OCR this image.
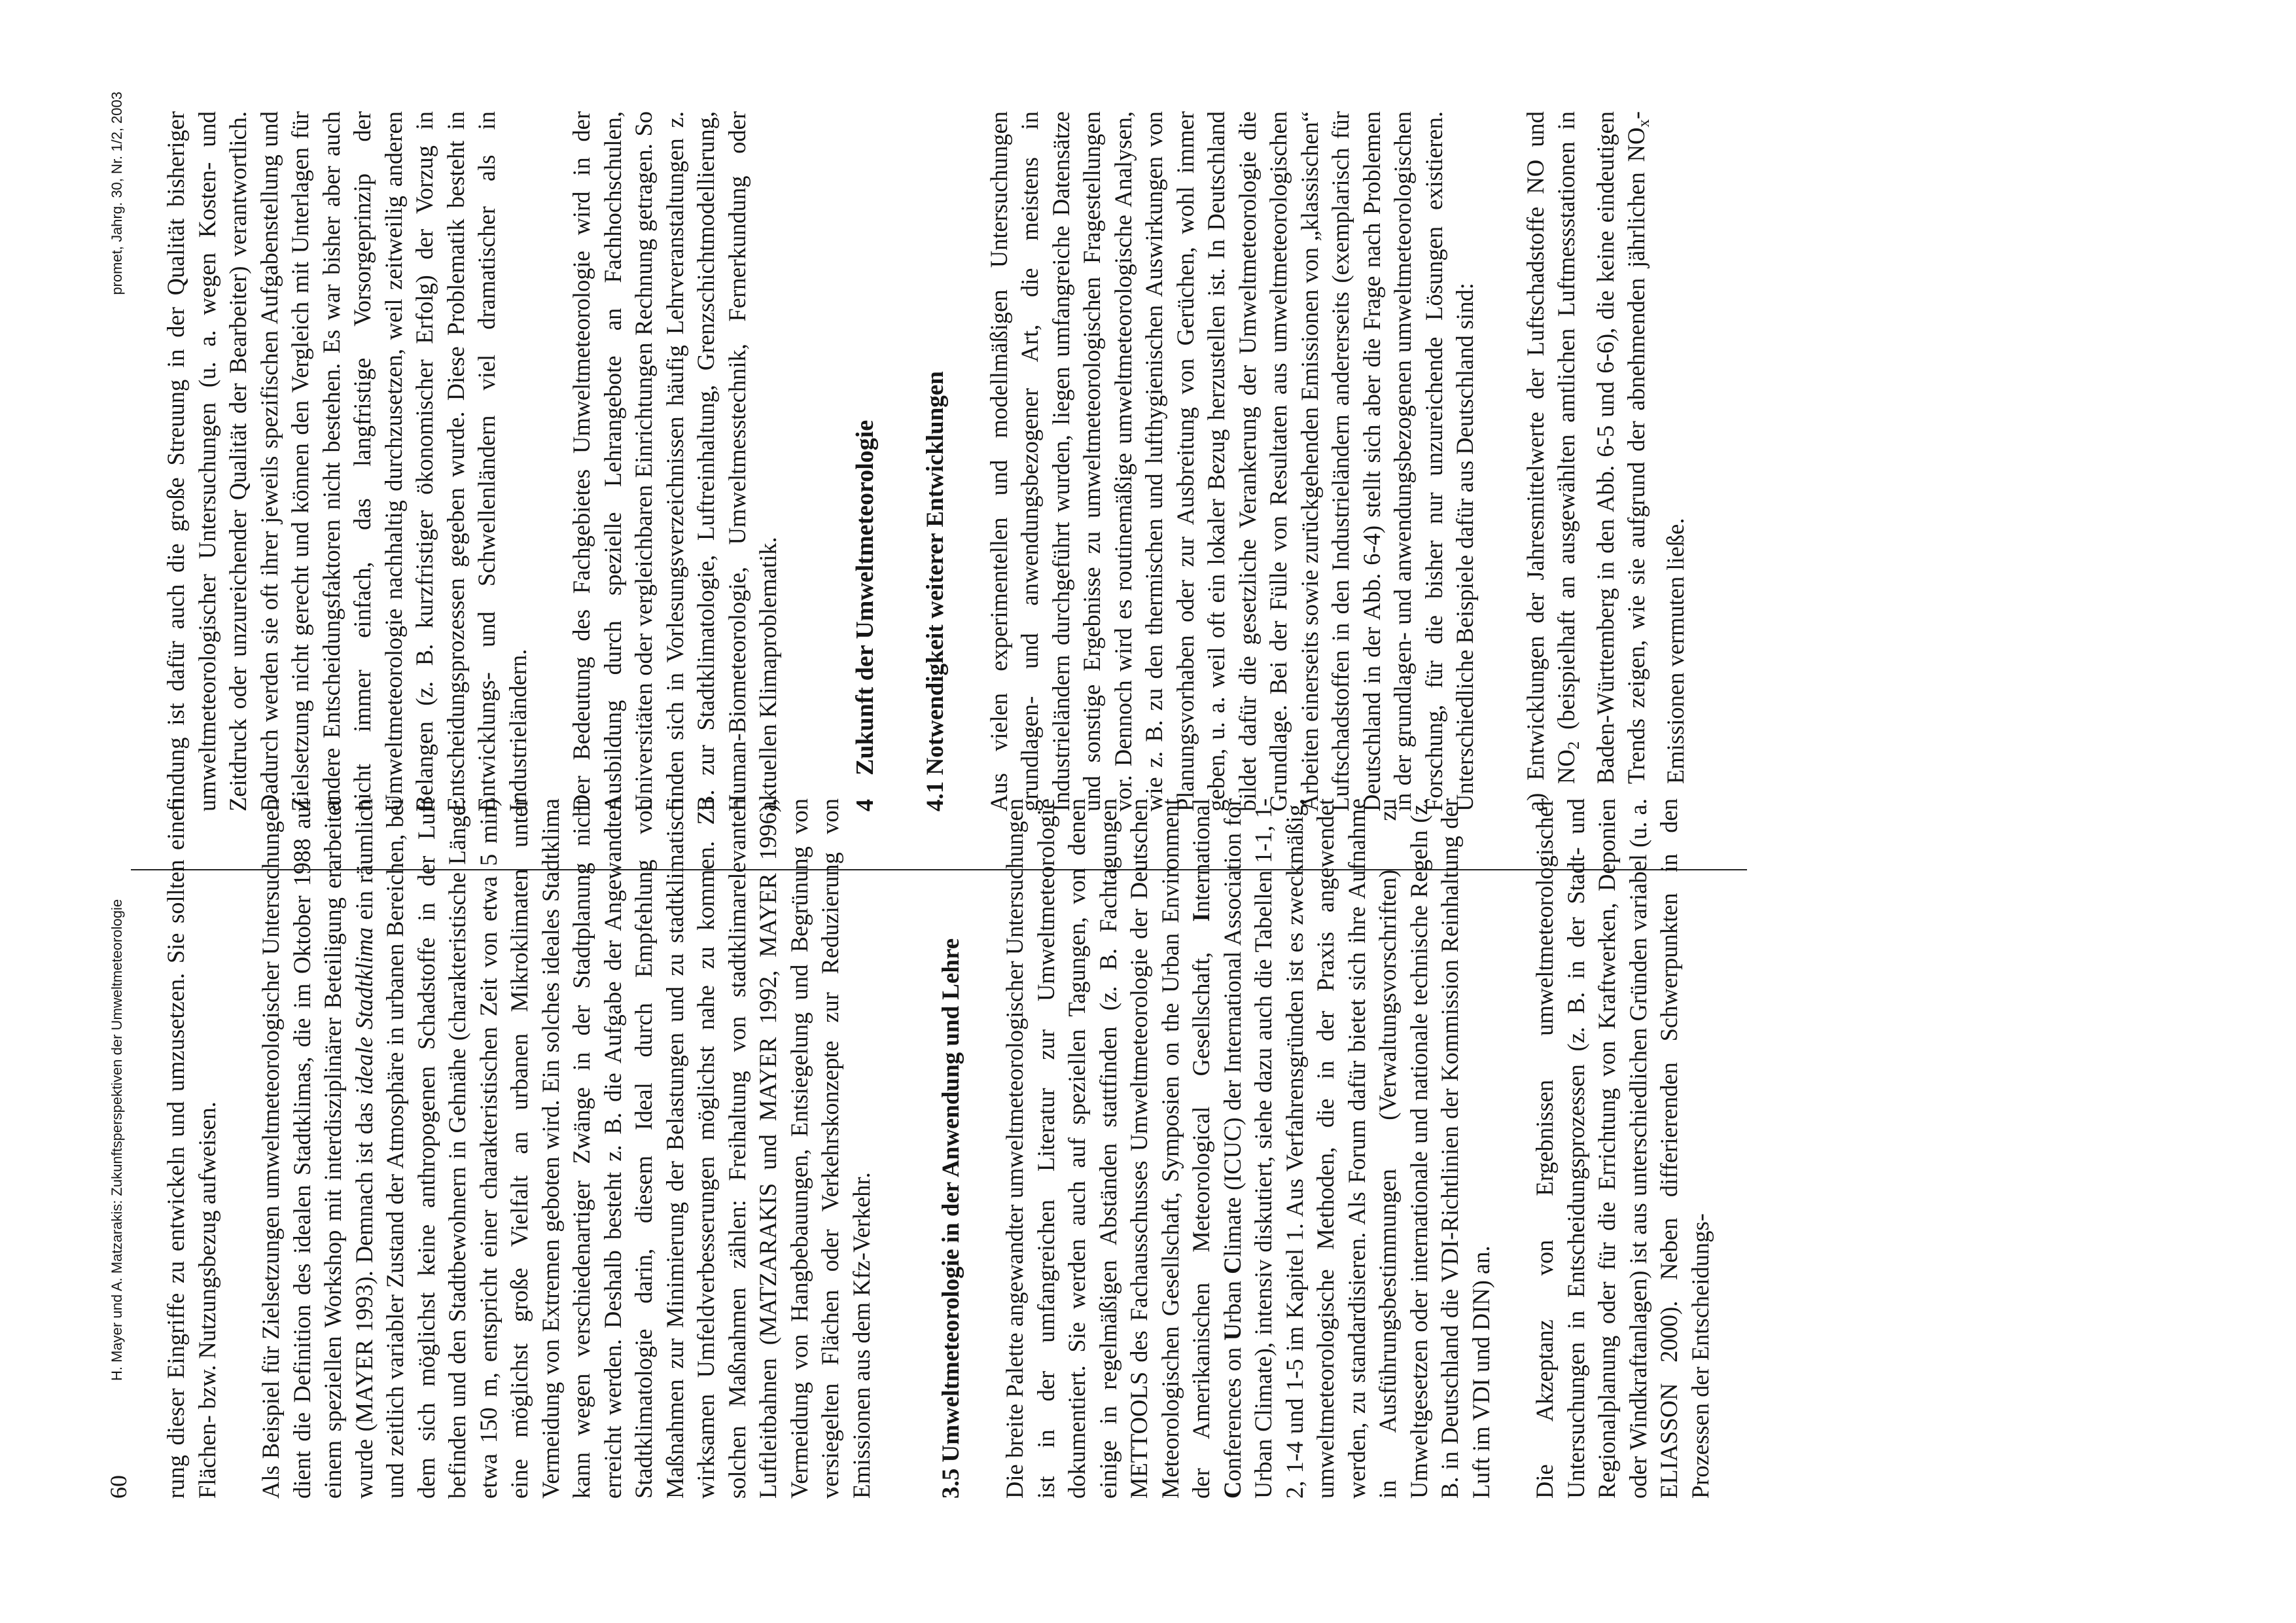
60
H. Mayer und A. Matzarakis: Zukunftsperspektiven der Umweltmeteorologie
promet, Jahrg. 30, Nr. 1/2, 2003

rung dieser Eingriffe zu entwickeln und umzusetzen. Sie sollten einen Flächen- bzw. Nutzungsbezug aufweisen. Als Beispiel für Zielsetzungen umweltmeteorologischer Untersuchungen dient die Definition des idealen Stadtklimas, die im Oktober 1988 auf einem speziellen Workshop mit interdisziplinärer Beteiligung erarbeitet wurde (MAYER 1993). Demnach ist das ideale Stadtklima ein räumlich und zeitlich variabler Zustand der Atmosphäre in urbanen Bereichen, bei dem sich möglichst keine anthropogenen Schadstoffe in der Luft befinden und den Stadtbewohnern in Gehnähe (charakteristische Länge: etwa 150 m, entspricht einer charakteristischen Zeit von etwa 5 min) eine möglichst große Vielfalt an urbanen Mikroklimaten unter Vermeidung von Extremen geboten wird. Ein solches ideales Stadtklima kann wegen verschiedenartiger Zwänge in der Stadtplanung nicht erreicht werden. Deshalb besteht z. B. die Aufgabe der Angewandten Stadtklimatologie darin, diesem Ideal durch Empfehlung von Maßnahmen zur Minimierung der Belastungen und zu stadtklimatisch wirksamen Umfeldverbesserungen möglichst nahe zu kommen. Zu solchen Maßnahmen zählen: Freihaltung von stadtklimarelevanten Luftleitbahnen (MATZARAKIS und MAYER 1992, MAYER 1996), Vermeidung von Hangbebauungen, Entsiegelung und Begrünung von versiegelten Flächen oder Verkehrskonzepte zur Reduzierung von Emissionen aus dem Kfz-Verkehr.	3.5 Umweltmeteorologie in der Anwendung und Lehre Die breite Palette angewandter umweltmeteorologischer Untersuchungen ist in der umfangreichen Literatur zur Umweltmeteorologie dokumentiert. Sie werden auch auf speziellen Tagungen, von denen einige in regelmäßigen Abständen stattfinden (z. B. Fachtagungen METTOOLS des Fachausschusses Umweltmeteorologie der Deutschen Meteorologischen Gesellschaft, Symposien on the Urban Environment der Amerikanischen Meteorological Gesellschaft, International Conferences on Urban Climate (ICUC) der International Association for Urban Climate), intensiv diskutiert, siehe dazu auch die Tabellen 1-1, 1-2, 1-4 und 1-5 im Kapitel 1. Aus Verfahrensgründen ist es zweckmäßig, umweltmeteorologische Methoden, die in der Praxis angewendet werden, zu standardisieren. Als Forum dafür bietet sich ihre Aufnahme in Ausführungsbestimmungen (Verwaltungsvorschriften) zu Umweltgesetzen oder internationale und nationale technische Regeln (z. B. in Deutschland die VDI-Richtlinien der Kommission Reinhaltung der Luft im VDI und DIN) an. Die Akzeptanz von Ergebnissen umweltmeteorologischer Untersuchungen in Entscheidungsprozessen (z. B. in der Stadt- und Regionalplanung oder für die Errichtung von Kraftwerken, Deponien oder Windkraftanlagen) ist aus unterschiedlichen Gründen variabel (u. a. ELIASSON 2000). Neben differierenden Schwerpunkten in den Prozessen der Entscheidungs-

findung ist dafür auch die große Streuung in der Qualität bisheriger umweltmeteorologischer Untersuchungen (u. a. wegen Kosten- und Zeitdruck oder unzureichender Qualität der Bearbeiter) verantwortlich. Dadurch werden sie oft ihrer jeweils spezifischen Aufgabenstellung und Zielsetzung nicht gerecht und können den Vergleich mit Unterlagen für andere Entscheidungsfaktoren nicht bestehen. Es war bisher aber auch nicht immer einfach, das langfristige Vorsorgeprinzip der Umweltmeteorologie nachhaltig durchzusetzen, weil zeitweilig anderen Belangen (z. B. kurzfristiger ökonomischer Erfolg) der Vorzug in Entscheidungsprozessen gegeben wurde. Diese Problematik besteht in Entwicklungs- und Schwellenländern viel dramatischer als in Industrieländern. Der Bedeutung des Fachgebietes Umweltmeteorologie wird in der Ausbildung durch spezielle Lehrangebote an Fachhochschulen, Universitäten oder vergleichbaren Einrichtungen Rechnung getragen. So finden sich in Vorlesungsverzeichnissen häufig Lehrveranstaltungen z. B. zur Stadtklimatologie, Luftreinhaltung, Grenzschichtmodellierung, Human-Biometeorologie, Umweltmesstechnik, Fernerkundung oder aktuellen Klimaproblematik.	4Zukunft der Umweltmeteorologie 4.1 Notwendigkeit weiterer Entwicklungen Aus vielen experimentellen und modellmäßigen Untersuchungen grundlagen- und anwendungsbezogener Art, die meistens in Industrieländern durchgeführt wurden, liegen umfangreiche Datensätze und sonstige Ergebnisse zu umweltmeteorologischen Fragestellungen vor. Dennoch wird es routinemäßige umweltmeteorologische Analysen, wie z. B. zu den thermischen und lufthygienischen Auswirkungen von Planungsvorhaben oder zur Ausbreitung von Gerüchen, wohl immer geben, u. a. weil oft ein lokaler Bezug herzustellen ist. In Deutschland bildet dafür die gesetzliche Verankerung der Umweltmeteorologie die Grundlage. Bei der Fülle von Resultaten aus umweltmeteorologischen Arbeiten einerseits sowie zurückgehenden Emissionen von „klassischen“ Luftschadstoffen in den Industrieländern andererseits (exemplarisch für Deutschland in der Abb. 6-4) stellt sich aber die Frage nach Problemen in der grundlagen- und anwendungsbezogenen umweltmeteorologischen Forschung, für die bisher nur unzureichende Lösungen existieren. Unterschiedliche Beispiele dafür aus Deutschland sind: a) Entwicklungen der Jahresmittelwerte der Luftschadstoffe NO und $NO_2$ (beispielhaft an ausgewählten amtlichen Luftmessstationen in Baden-Württemberg in den Abb. 6-5 und 6-6), die keine eindeutigen Trends zeigen, wie sie aufgrund der abnehmenden jährlichen $NO_x$-Emissionen vermuten ließe.
